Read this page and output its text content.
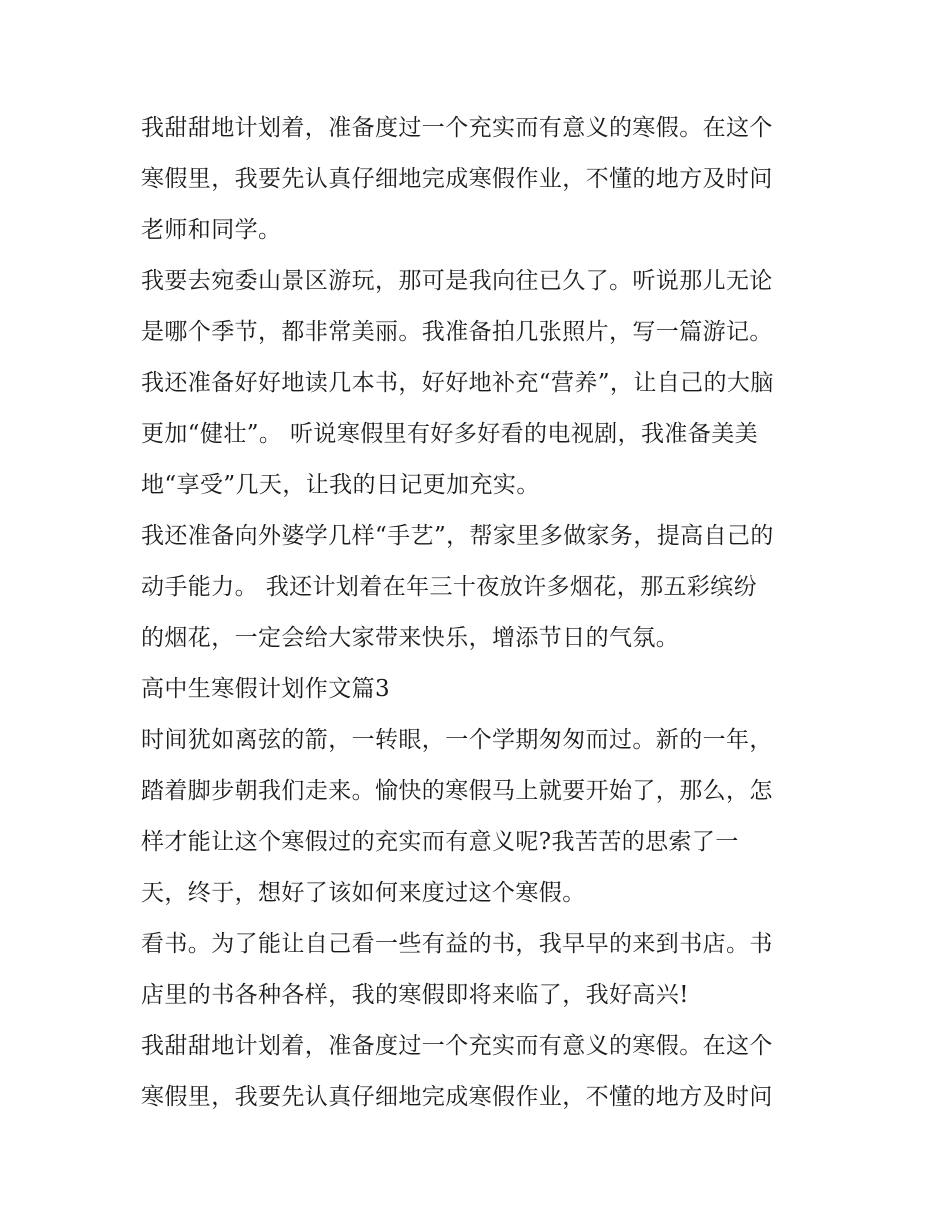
我甜甜地计划着，准备度过一个充实而有意义的寒假。在这个
寒假里，我要先认真仔细地完成寒假作业，不懂的地方及时问
老师和同学。
我要去宛委山景区游玩，那可是我向往已久了。听说那儿无论
是哪个季节，都非常美丽。我准备拍几张照片，写一篇游记。
我还准备好好地读几本书，好好地补充“营养”，让自己的大脑
更加“健壮”。 听说寒假里有好多好看的电视剧，我准备美美
地“享受”几天，让我的日记更加充实。
我还准备向外婆学几样“手艺”，帮家里多做家务，提高自己的
动手能力。 我还计划着在年三十夜放许多烟花，那五彩缤纷
的烟花，一定会给大家带来快乐，增添节日的气氛。
高中生寒假计划作文篇3
时间犹如离弦的箭，一转眼，一个学期匆匆而过。新的一年，
踏着脚步朝我们走来。愉快的寒假马上就要开始了，那么，怎
样才能让这个寒假过的充实而有意义呢?我苦苦的思索了一
天，终于，想好了该如何来度过这个寒假。
看书。为了能让自己看一些有益的书，我早早的来到书店。书
店里的书各种各样，我的寒假即将来临了，我好高兴!
我甜甜地计划着，准备度过一个充实而有意义的寒假。在这个
寒假里，我要先认真仔细地完成寒假作业，不懂的地方及时问
